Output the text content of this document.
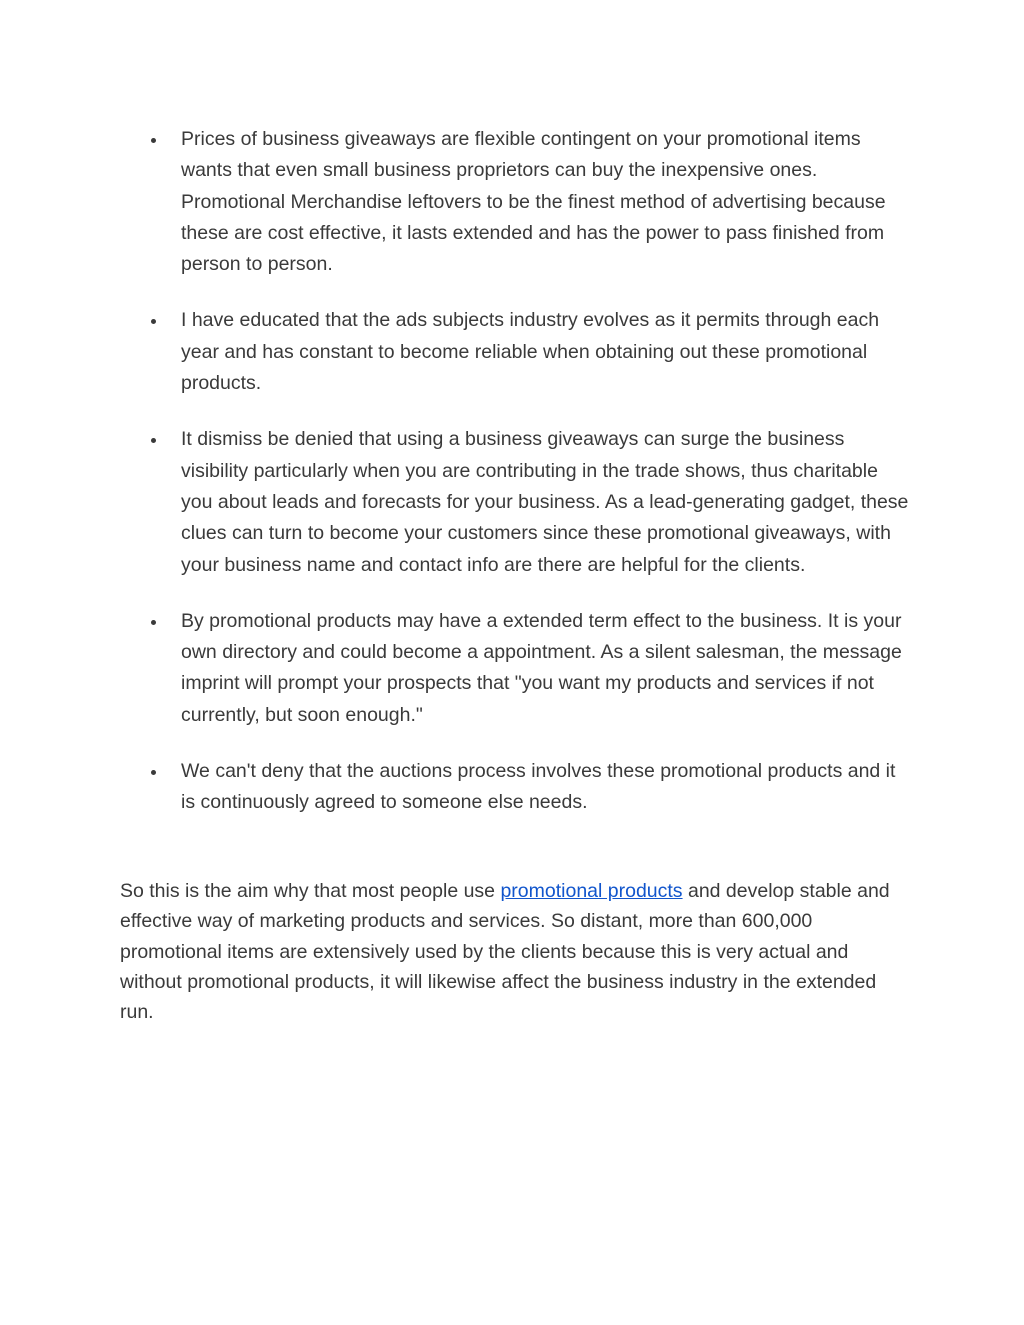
Prices of business giveaways are flexible contingent on your promotional items wants that even small business proprietors can buy the inexpensive ones. Promotional Merchandise leftovers to be the finest method of advertising because these are cost effective, it lasts extended and has the power to pass finished from person to person.
I have educated that the ads subjects industry evolves as it permits through each year and has constant to become reliable when obtaining out these promotional products.
It dismiss be denied that using a business giveaways can surge the business visibility particularly when you are contributing in the trade shows, thus charitable you about leads and forecasts for your business. As a lead-generating gadget, these clues can turn to become your customers since these promotional giveaways, with your business name and contact info are there are helpful for the clients.
By promotional products may have a extended term effect to the business. It is your own directory and could become a appointment. As a silent salesman, the message imprint will prompt your prospects that "you want my products and services if not currently, but soon enough."
We can't deny that the auctions process involves these promotional products and it is continuously agreed to someone else needs.

So this is the aim why that most people use promotional products and develop stable and effective way of marketing products and services. So distant, more than 600,000 promotional items are extensively used by the clients because this is very actual and without promotional products, it will likewise affect the business industry in the extended run.
